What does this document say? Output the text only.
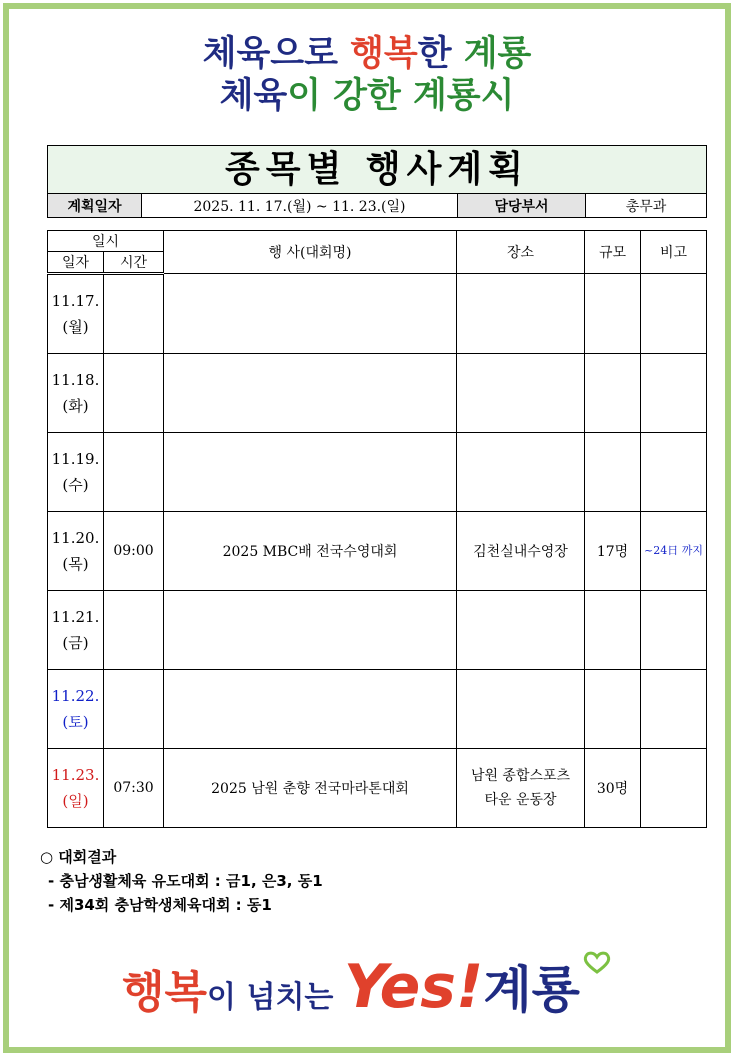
체육으로 행복한 계룡
체육이 강한 계룡시
종목별 행사계획
계획일자	2025. 11. 17.(월) ~ 11. 23.(일)	담당부서	총무과
일시		행 사(대회명)	장소	규모	비고
일자	시간				
11.17.
(월)					
11.18.
(화)					
11.19.
(수)					
11.20.
(목)	09:00	2025 MBC배 전국수영대회	김천실내수영장	17명	~24日 까지
11.21.
(금)					
11.22.
(토)					
11.23.
(일)	07:30	2025 남원 춘향 전국마라톤대회	남원 종합스포츠타운 운동장	30명	
○ 대회결과
- 충남생활체육 유도대회 : 금1, 은3, 동1
- 제34회 충남학생체육대회 : 동1
행복이 넘치는 Yes!계룡
